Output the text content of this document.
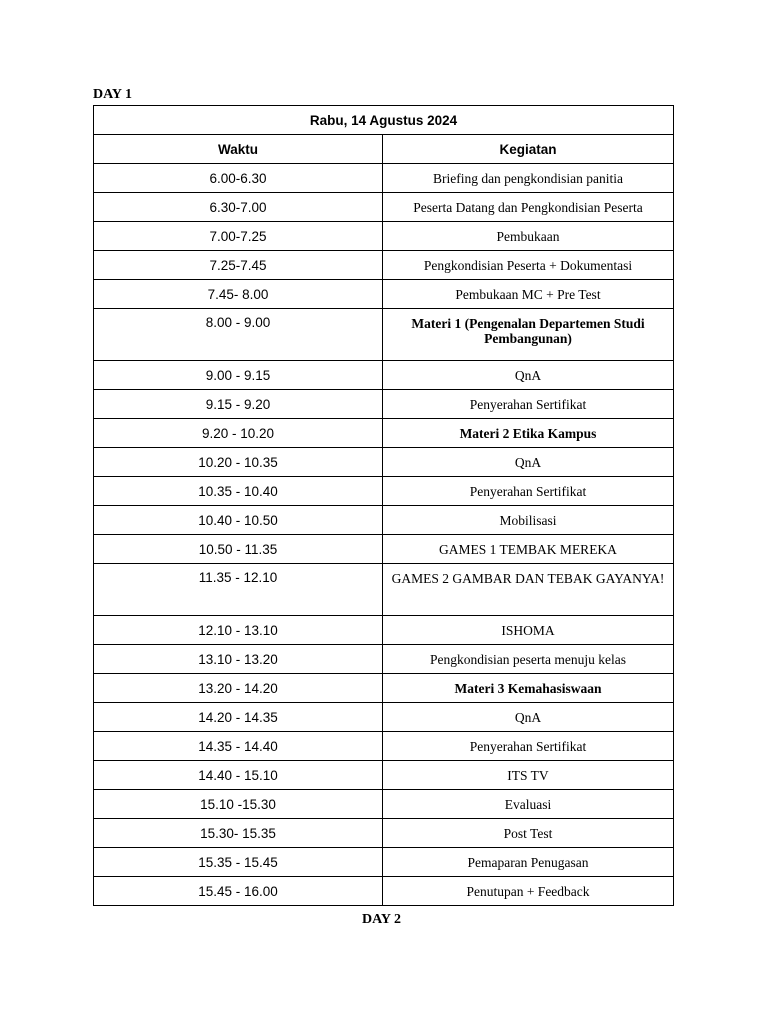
DAY 1
Rabu, 14 Agustus 2024	
Waktu	Kegiatan
6.00-6.30	Briefing dan pengkondisian panitia
6.30-7.00	Peserta Datang dan Pengkondisian Peserta
7.00-7.25	Pembukaan
7.25-7.45	Pengkondisian Peserta + Dokumentasi
7.45- 8.00	Pembukaan MC + Pre Test
8.00 - 9.00	Materi 1 (Pengenalan Departemen Studi Pembangunan)
9.00 - 9.15	QnA
9.15 - 9.20	Penyerahan Sertifikat
9.20 - 10.20	Materi 2 Etika Kampus
10.20 - 10.35	QnA
10.35 - 10.40	Penyerahan Sertifikat
10.40 - 10.50	Mobilisasi
10.50 - 11.35	GAMES 1 TEMBAK MEREKA
11.35 - 12.10	GAMES 2 GAMBAR DAN TEBAK GAYANYA!
12.10 - 13.10	ISHOMA
13.10 - 13.20	Pengkondisian peserta menuju kelas
13.20 - 14.20	Materi 3 Kemahasiswaan
14.20 - 14.35	QnA
14.35 - 14.40	Penyerahan Sertifikat
14.40 - 15.10	ITS TV
15.10 -15.30	Evaluasi
15.30- 15.35	Post Test
15.35 - 15.45	Pemaparan Penugasan
15.45 - 16.00	Penutupan + Feedback
DAY 2
